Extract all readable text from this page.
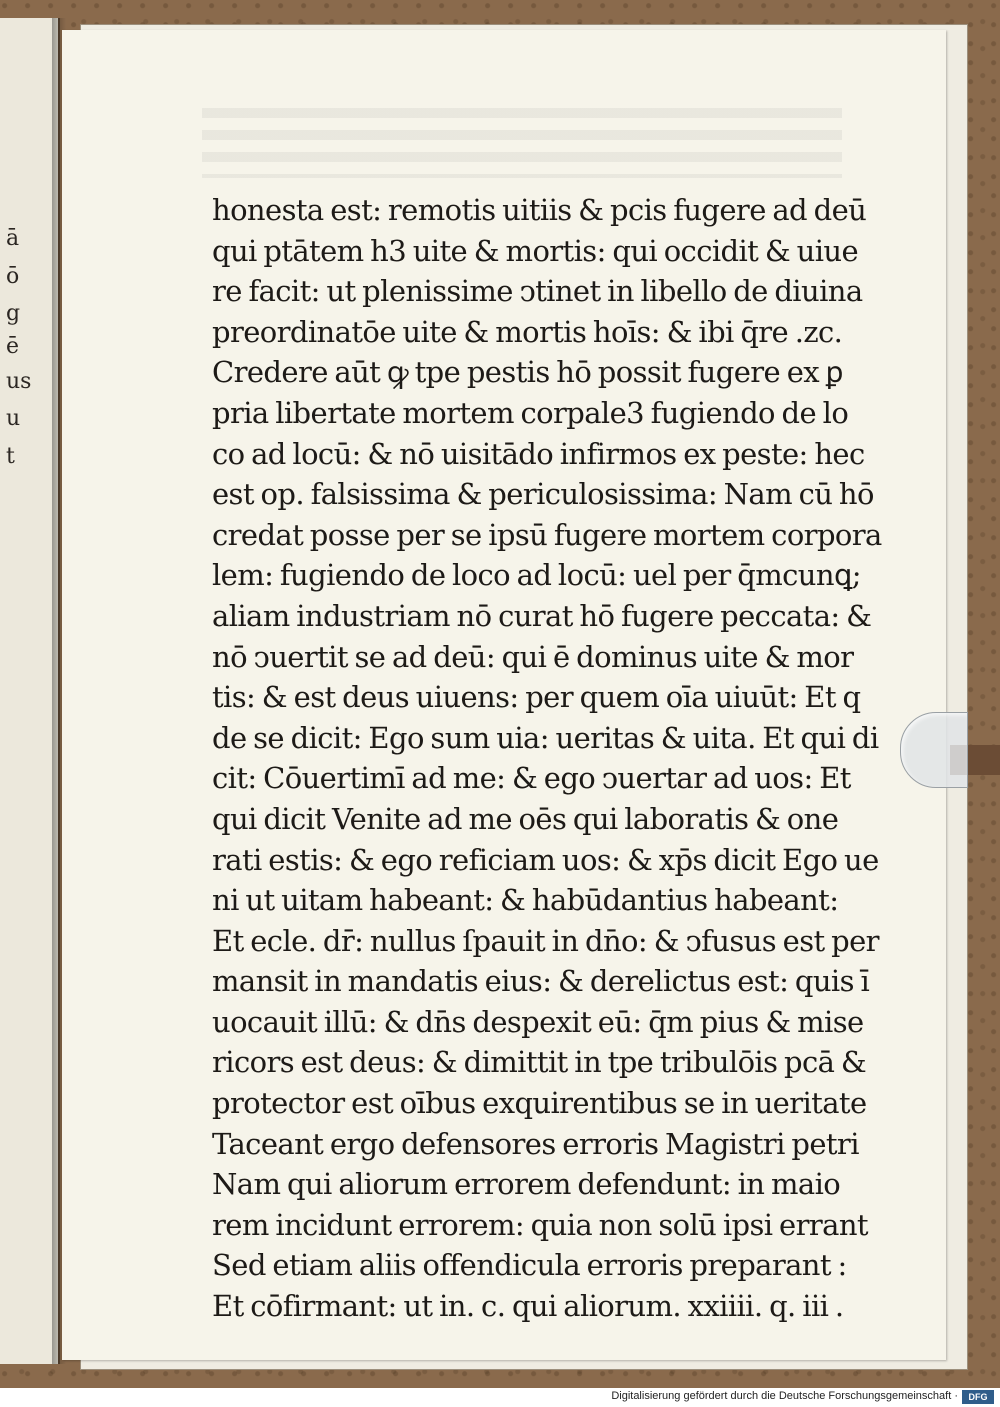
ā
ō
g
ē
us
u
t
honesta est: remotis uitiis & pcis fugere ad deū
qui ptātem h3 uite & mortis: qui occidit & uiue
re facit: ut plenissime ↄtinet in libello de diuina
preordinatōe uite & mortis hoīs: & ibi q̄re .zc.
Credere aūt ꝙ tpe pestis hō possit fugere ex ꝑ
pria libertate mortem corpale3 fugiendo de lo
co ad locū: & nō uisitādo infirmos ex peste: hec
est op. falsissima & periculosissima: Nam cū hō
credat posse per se ipsū fugere mortem corpora
lem: fugiendo de loco ad locū: uel per q̄mcunꝗ;
aliam industriam nō curat hō fugere peccata: &
nō ↄuertit se ad deū: qui ē dominus uite & mor
tis: & est deus uiuens: per quem oīa uiuūt: Et q
de se dicit: Ego sum uia: ueritas & uita. Et qui di
cit: Cōuertimī ad me: & ego ↄuertar ad uos: Et
qui dicit Venite ad me oēs qui laboratis & one
rati estis: & ego reficiam uos: & xp̄s dicit Ego ue
ni ut uitam habeant: & habūdantius habeant:
Et ecle. dr̄: nullus ſpauit in dn̄o: & ↄfusus est per
mansit in mandatis eius: & derelictus est: quis ī
uocauit illū: & dn̄s despexit eū: q̄m pius & mise
ricors est deus: & dimittit in tpe tribulōis pcā &
protector est oībus exquirentibus se in ueritate
Taceant ergo defensores erroris Magistri petri
Nam qui aliorum errorem defendunt: in maio
rem incidunt errorem: quia non solū ipsi errant
Sed etiam aliis offendicula erroris preparant :
Et cōfirmant: ut in. c. qui aliorum. xxiiii. q. iii .
Digitalisierung gefördert durch die Deutsche Forschungsgemeinschaft ·	DFG
